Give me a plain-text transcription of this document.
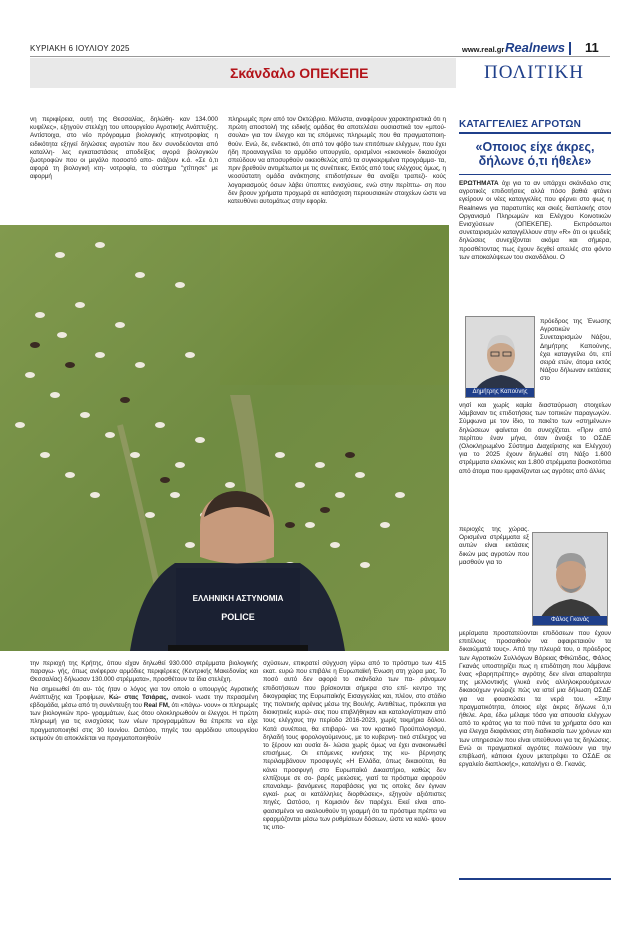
ΚΥΡΙΑΚΗ 6 ΙΟΥΛΙΟΥ 2025	www.real.gr Realnews 11
Σκάνδαλο ΟΠΕΚΕΠΕ	ΠΟΛΙΤΙΚΗ
νη περιφέρεια, ουτή της Θεσσαλίας, δηλώθη- καν 134.000 κυψέλες», εξηγούν στελέχη του υπουργείου Αγροτικής Ανάπτυξης. Αντίστοιχα, στο νέο πρόγραμμα βιολογικής κτηνοτροφίας η ειδικότητα εξηγεί δηλώσεις αγροτών που δεν συνοδεύονται από καταλλη- λες εγκαταστάσεις αποδείξεις αγορά βιολογικών ζωοτροφών που οι μεγάλο ποσοστό απο- σιάζουν κ.ά. «Σε ό,τι αφορά τη βιολογική κτη- νοτροφία, το σύστημα "χτίπησε" με αφορμή
πληρωμές πριν από τον Οκτώβριο. Μάλιστα, αναφέρουν χαρακτηριστικά ότι η πρώτη αποστολή της ειδικής ομάδας θα αποτελέσει ουσιαστικά τον «μπού- σουλα» για τον έλεγχο και τις επόμενες πληρωμές που θα πραγματοποιη- θούν. Ενώ, δε, ενδεικτικό, ότι από τον φόβο των επιτόπιων ελέγχων, που έχει ήδη προαναγγείλει το αρμόδιο υπουργείο, ορισμένοι «εικονικοί» δικαιούχοι σπεύδουν να αποσυρθούν οικειοθελώς από τα συγκεκριμένα προγράμμα- τα, πριν βρεθούν αντιμέτωποι με τις συνέπειες. Εκτός από τους ελέγχους όμως, η νεοσύστατη ομάδα ανάκτησης επιδοτήσεων θα ανοίξει τραπεζι- κούς λογαριασμούς όσων λάβει ύποπτες ενισχύσεις, ενώ στην περίπτω- ση που δεν βρουν χρήματα προχωρά σε κατάσχεση περιουσιακών στοιχείων ώστε να κατευθύνει αυτομάτως στην εφορία.
ΕΛΛΗΝΙΚΗ ΑΣΤΥΝΟΜΙΑ
POLICE

την περιοχή της Κρήτης, όπου είχαν δηλωθεί 930.000 στρέμματα βιολογικής παραγω- γής, όπως ανέφεραν αρμόδιες περιφέρειες (Κεντρικής Μακεδονίας και Θεσσαλίας) δήλωσαν 130.000 στρέμματα», προσθέτουν τα ίδια στελέχη.

Να σημειωθεί ότι αυ- τός ήταν ο λόγος για τον οποίο ο υπουργός Αγροτικής Ανάπτυξης και Τροφίμων, Κώ- στας Τσιάρας, ανακοί- νωσε την περασμένη εβδομάδα, μέσω από τη συνέντευξη του Real FM, ότι «πάγω- νουν» οι πληρωμές των βιολογικών προ- γραμμάτων, έως ότου ολοκληρωθούν οι έλεγχοι. Η πρώτη πληρωμή για τις ενισχύσεις των νέων προγραμμάτων θα έπρεπε να είχε πραγματοποιηθεί στις 30 Ιουνίου. Ωστόσο, πηγές του αρμόδιου υπουργείου εκτιμούν ότι αποκλείεται να πραγματοποιηθούν

σχύσεων, επικρατεί σύγχυση γύρω από το πρόστιμο των 415 εκατ. ευρώ που επιβάλε η Ευρωπαϊκή Ένωση στη χώρα μας. Το ποσό αυτό δεν αφορά το σκάνδαλο των πα- ράνομων επιδοτήσεων που βρίσκονται σήμερα στο επί- κεντρο της δικογραφίας της Ευρωπαϊκής Εισαγγελίας και, πλέον, στο στάδιο της πολιτικής αρένας μέσω της Βουλής. Αντιθέτως, πρόκειται για διοικητικές κυρώ- σεις που επιβλήθηκαν και καταλογίστηκαν από τους ελέγχους την περίοδο 2016-2023, χωρίς τεκμήρια δόλου. Κατά συνέπεια, θα επιβαρύ- νει τον κρατικό Προϋπολογισμό, δηλαδή τους φορολογούμενους, με το κυβερνη- τικό στέλεχος να το ξέρουν και ουσία δι- λώσει χωρίς όμως να έχει ανακοινωθεί επισήμως. Οι επόμενες κινήσεις της κυ- βέρνησης περιλαμβάνουν προσφυγές «Η Ελλάδα, όπως δικαιούται, θα κάνει προσφυγή στο Ευρωπαϊκό Δικαστήριο, καθώς δεν ελπίζουμε σε σο- βαρές μειώσεις, γιατί τα πρόστιμα αφορούν επαναλαμ- βανόμενες παραβάσεις για τις οποίες δεν έγιναν εγκαί- ρως οι κατάλληλες διορθώσεις», εξηγούν αξιόπιστες πηγές. Ωστόσο, η Κομισιόν δεν παρέχει. Εκεί είναι απο- φασισμένοι να ακολουθούν τη γραμμή ότι τα πρόστιμα πρέπει να εφαρμόζονται μέσω των ρυθμίσεων δόσεων, ώστε να καλύ- ψουν τις υπο-
ΚΑΤΑΓΓΕΛΙΕΣ ΑΓΡΟΤΩΝ
«Οποιος είχε άκρες, δήλωνε ό,τι ήθελε»
ΕΡΩΤΗΜΑΤΑ όχι για το αν υπάρχει σκάνδαλο στις αγροτικές επιδοτήσεις αλλά πόσο βαθιά φτάνει εγείρουν οι νέες καταγγελίες που φέρνει στο φως η Realnews για παρατυπίες και σκιές διαπλοκής στον Οργανισμό Πληρωμών και Ελέγχου Κοινοτικών Ενισχύσεων (ΟΠΕΚΕΠΕ). Εκπρόσωποι συνεταιρισμών καταγγέλλουν στην «R» ότι οι ψευδείς δηλώσεις συνεχίζονται ακόμα και σήμερα, προσθέτοντας πως έχουν δεχθεί απειλές στο φόντο των αποκαλύψεων του σκανδάλου. Ο
Δημήτρης Καπούνης
πρόεδρος της Ένωσης Αγροτικών Συνεταιρισμών Νάξου, Δημήτρης Καπούνης, έχει καταγγείλει ότι, επί σειρά ετών, άτομα εκτός Νάξου δήλωναν εκτάσεις στο
νησί και χωρίς καμία διασταύρωση στοιχείων λάμβαναν τις επιδοτήσεις των τοπικών παραγωγών. Σύμφωνα με τον ίδιο, το πακέτο των «στημένων» δηλώσεων φαίνεται ότι συνεχίζεται. «Πριν από περίπου έναν μήνα, όταν άνοιξε το ΟΣΔΕ (Ολοκληρωμένο Σύστημα Διαχείρισης και Ελέγχου) για το 2025 έχουν δηλωθεί στη Νάξο 1.600 στρέμματα ελαιώνες και 1.800 στρέμματα βοσκοτόπια από άτομα που εμφανίζονται ως αγρότες από άλλες
περιοχές της χώρας. Ορισμένα στρέμματα εξ αυτών είναι εκτάσεις δικών μας αγροτών που μασθούν για το
Φάλος Γκανάς
μερίσματα προστατεύονται επιδόσεων που έχουν επιτέλους προσαιθούν να αφαιρεταιούν τα δικαιώματά τους». Από την πλευρά του, ο πρόεδρος των Αγροτικών Συλλόγων Βόρειας Φθιώτιδας, Φάλος Γκανάς υποστηρίζει πως η επιδότηση που λάμβανε ένας «βαρηπρέπης» αγρότης δεν είναι απαραίτητα της μελλοντικής γλυκά ενός αλληλοκρουόμενων δικαιούχων γνώριζε πώς να ιστεί μια δήλωση ΟΣΔΕ για να φουσκώσει τα νερά του. «Στην πραγματικότητα, όποιος είχε άκρες δήλωνε ό,τι ήθελε. Αρα, έδω μέλαμε τόσο για απουσία ελέγχων από το κράτος για τα πού πάνε τα χρήματα όσο και για έλεγχα διαφάνειας στη διαδικασία των χρόνων και των υπηρεσιών που είναι υπεύθυνοι για τις δηλώσεις. Ενώ οι πραγματικοί αγρότες παλεύουν για την επιβίωσή, κάποιοι έχουν μετατρέψει το ΟΣΔΕ σε εργαλείο διαπλοκής», καταλήγει ο Θ. Γκανάς.
